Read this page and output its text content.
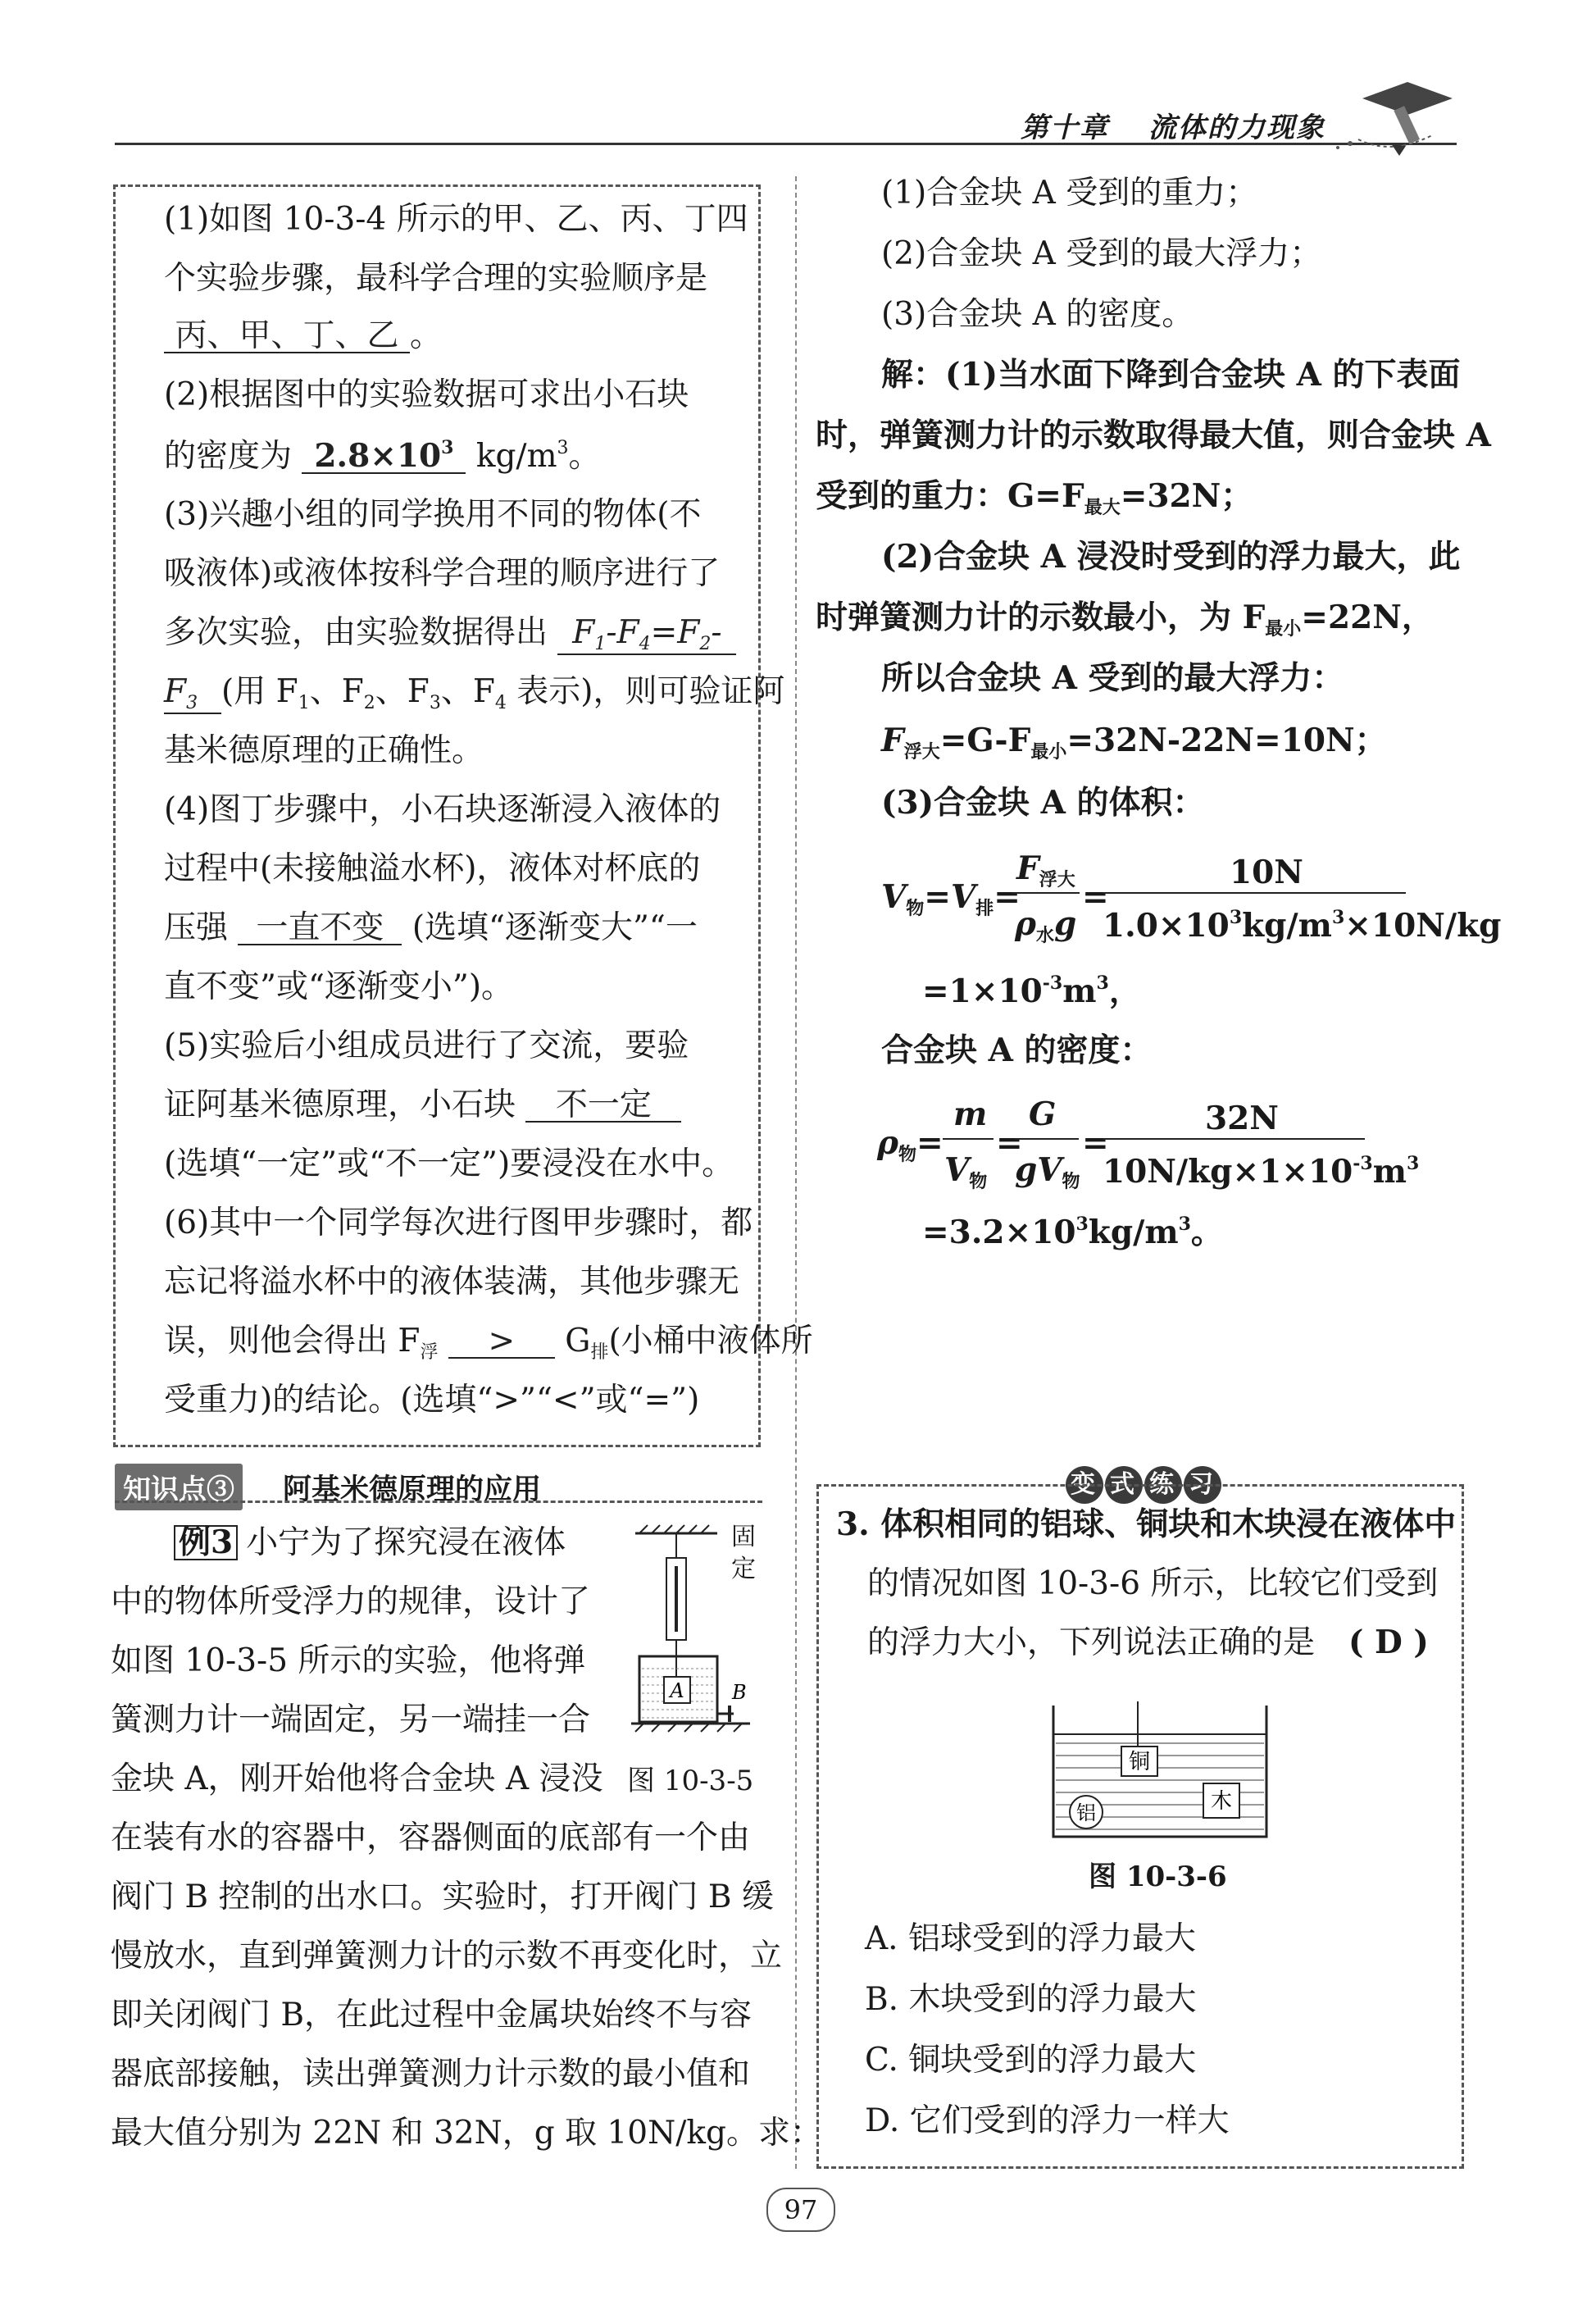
第十章 流体的力现象
(1)如图 10-3-4 所示的甲、乙、丙、丁四
个实验步骤，最科学合理的实验顺序是
丙、甲、丁、乙 。
(2)根据图中的实验数据可求出小石块
的密度为 $2.8\times 10^3$ $kg/m^3$。
(3)兴趣小组的同学换用不同的物体(不
吸液体)或液体按科学合理的顺序进行了
多次实验，由实验数据得出 $F_1-F_4=F_2-$
$F_3$ (用 $F_1$、$F_2$、$F_3$、$F_4$ 表示)，则可验证阿
基米德原理的正确性。
(4)图丁步骤中，小石块逐渐浸入液体的
过程中(未接触溢水杯)，液体对杯底的
压强 一直不变 (选填“逐渐变大”“一
直不变”或“逐渐变小”)。
(5)实验后小组成员进行了交流，要验
证阿基米德原理，小石块 不一定
(选填“一定”或“不一定”)要浸没在水中。
(6)其中一个同学每次进行图甲步骤时，都
忘记将溢水杯中的液体装满，其他步骤无
误，则他会得出 $F_浮 > G_排$(小桶中液体所
受重力)的结论。(选填“>”“<”或“=”)
知识点③ 阿基米德原理的应用
例3 小宁为了探究浸在液体
中的物体所受浮力的规律，设计了
如图 10-3-5 所示的实验，他将弹
簧测力计一端固定，另一端挂一合
金块 A，刚开始他将合金块 A 浸没
在装有水的容器中，容器侧面的底部有一个由
阀门 B 控制的出水口。实验时，打开阀门 B 缓
慢放水，直到弹簧测力计的示数不再变化时，立
即关闭阀门 B，在此过程中金属块始终不与容
器底部接触，读出弹簧测力计示数的最小值和
最大值分别为 22N 和 32N，g 取 10N/kg。求：
A B
固定
图 10-3-5
(1)合金块 A 受到的重力；
(2)合金块 A 受到的最大浮力；
(3)合金块 A 的密度。
解：(1)当水面下降到合金块 A 的下表面
时，弹簧测力计的示数取得最大值，则合金块 A
受到的重力：$G=F_{最大}=32N$；
(2)合金块 A 浸没时受到的浮力最大，此
时弹簧测力计的示数最小，为 $F_{最小}=22N$，
所以合金块 A 受到的最大浮力：
$F_{浮大}=G-F_{最小}=32N-22N=10N$；
(3)合金块 A 的体积：
$V_物=V_排=$
$F_{浮大}$
$\rho_水g$
=
10N
$1.0\times 10^3kg/m^3\times 10N/kg$
$=1\times 10^{-3}m^3$，
合金块 A 的密度：
$\rho_物=$
m
$V_物$
=
G
$gV_物$
=
32N
$10N/kg\times 1\times 10^{-3}m^3$
$=3.2\times 10^3kg/m^3$。
变 式 练 习
3. 体积相同的铝球、铜块和木块浸在液体中
的情况如图 10-3-6 所示，比较它们受到
的浮力大小，下列说法正确的是 ( D )
铜
铝	木
图 10-3-6
A. 铝球受到的浮力最大
B. 木块受到的浮力最大
C. 铜块受到的浮力最大
D. 它们受到的浮力一样大
97
